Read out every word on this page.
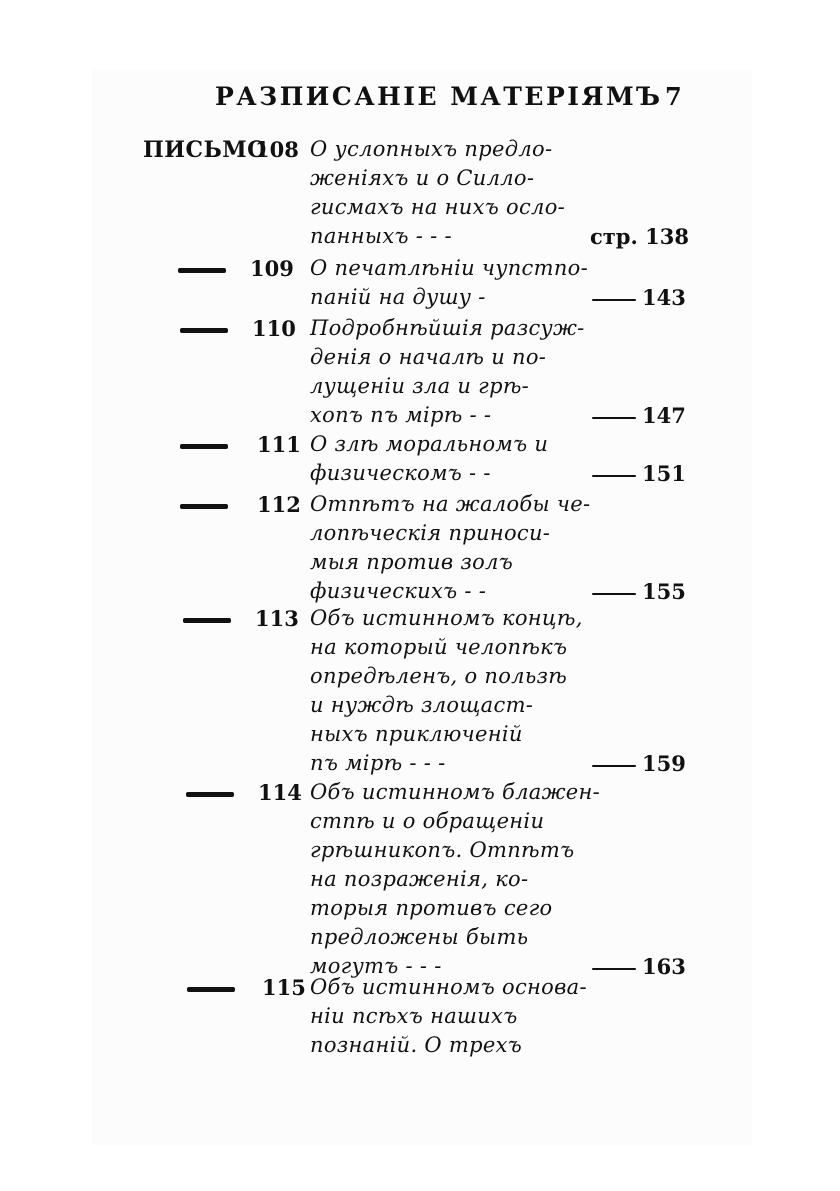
РАЗПИСАНІЕ МАТЕРІЯМЪ 7
ПИСЬМО
108 О услопныхъ предло-
женіяхъ и о Силло-
гисмахъ на нихъ осло-
панныхъ - - -	стр. 138
109 О печатлѣніи чупстпо-
паній на душу -	143
110 Подробнѣйшія разсуж-
денія о началѣ и по-
лущеніи зла и грѣ-
хопъ пъ мірѣ - -	147
111 О злѣ моральномъ и
физическомъ - -	151
112 Отпѣтъ на жалобы че-
лопѣческія приноси-
мыя против золъ
физическихъ - -	155
113 Объ истинномъ концѣ,
на который челопѣкъ
опредѣленъ, о пользѣ
и нуждѣ злощаст-
ныхъ приключеній
пъ мірѣ - - -	159
114 Объ истинномъ блажен-
стпѣ и о обращеніи
грѣшникопъ. Отпѣтъ
на позраженія, ко-
торыя противъ сего
предложены быть
могутъ - - -	163
115 Объ истинномъ основа-
ніи псѣхъ нашихъ
познаній. О трехъ
